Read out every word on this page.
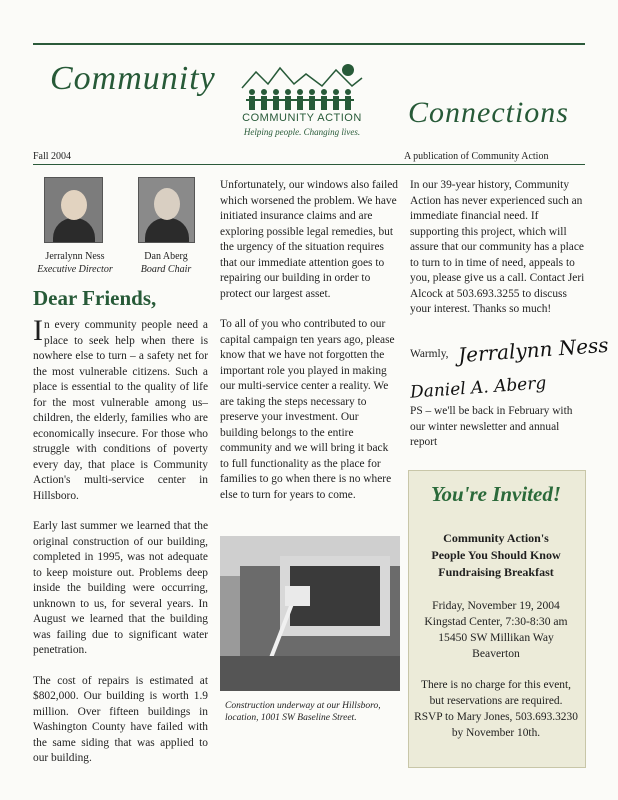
Community
COMMUNITY ACTION
Helping people. Changing lives.
Connections
Fall 2004	A publication of Community Action
Jerralynn Ness
Executive Director
Dan Aberg
Board Chair
Dear Friends,

In every community people need a place to seek help when there is nowhere else to turn – a safety net for the most vulnerable citizens. Such a place is essential to the quality of life for the most vulnerable among us– children, the elderly, families who are economically insecure. For those who struggle with conditions of poverty every day, that place is Community Action's multi-service center in Hillsboro.

Early last summer we learned that the original construction of our building, completed in 1995, was not adequate to keep moisture out. Problems deep inside the building were occurring, unknown to us, for several years. In August we learned that the building was failing due to significant water penetration.

The cost of repairs is estimated at $802,000. Our building is worth 1.9 million. Over fifteen buildings in Washington County have failed with the same siding that was applied to our building.

Unfortunately, our windows also failed which worsened the problem. We have initiated insurance claims and are exploring possible legal remedies, but the urgency of the situation requires that our immediate attention goes to repairing our building in order to protect our largest asset.

To all of you who contributed to our capital campaign ten years ago, please know that we have not forgotten the important role you played in making our multi-service center a reality. We are taking the steps necessary to preserve your investment. Our building belongs to the entire community and we will bring it back to full functionality as the place for families to go when there is no where else to turn for years to come.

Construction underway at our Hillsboro, location, 1001 SW Baseline Street.

In our 39-year history, Community Action has never experienced such an immediate financial need. If supporting this project, which will assure that our community has a place to turn to in time of need, appeals to you, please give us a call. Contact Jeri Alcock at 503.693.3255 to discuss your interest. Thanks so much!

Warmly, Jerralynn Ness
Daniel A. Aberg
PS – we'll be back in February with our winter newsletter and annual report
You're Invited!
Community Action's
People You Should Know
Fundraising Breakfast
Friday, November 19, 2004
Kingstad Center, 7:30-8:30 am
15450 SW Millikan Way
Beaverton
There is no charge for this event,
but reservations are required.
RSVP to Mary Jones, 503.693.3230
by November 10th.
